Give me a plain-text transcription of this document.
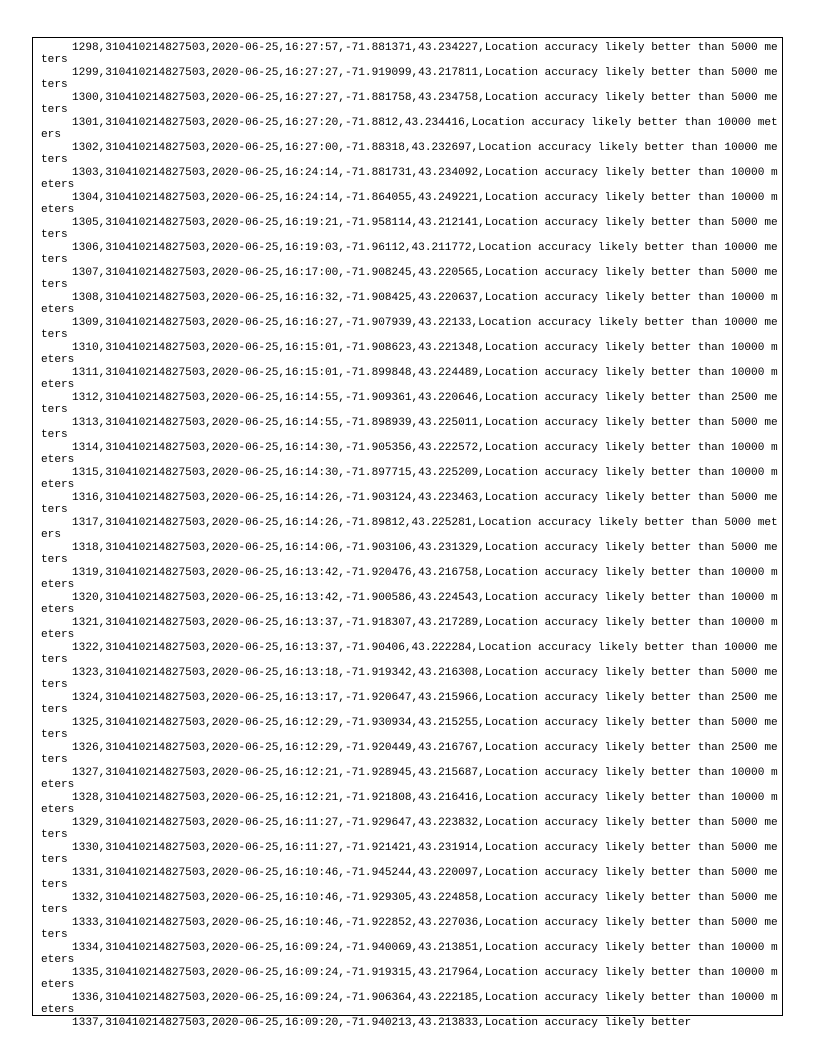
1298,310410214827503,2020-06-25,16:27:57,-71.881371,43.234227,Location accuracy likely better than 5000 meters
1299,310410214827503,2020-06-25,16:27:27,-71.919099,43.217811,Location accuracy likely better than 5000 meters
1300,310410214827503,2020-06-25,16:27:27,-71.881758,43.234758,Location accuracy likely better than 5000 meters
1301,310410214827503,2020-06-25,16:27:20,-71.8812,43.234416,Location accuracy likely better than 10000 meters
1302,310410214827503,2020-06-25,16:27:00,-71.88318,43.232697,Location accuracy likely better than 10000 meters
1303,310410214827503,2020-06-25,16:24:14,-71.881731,43.234092,Location accuracy likely better than 10000 meters
1304,310410214827503,2020-06-25,16:24:14,-71.864055,43.249221,Location accuracy likely better than 10000 meters
1305,310410214827503,2020-06-25,16:19:21,-71.958114,43.212141,Location accuracy likely better than 5000 meters
1306,310410214827503,2020-06-25,16:19:03,-71.96112,43.211772,Location accuracy likely better than 10000 meters
1307,310410214827503,2020-06-25,16:17:00,-71.908245,43.220565,Location accuracy likely better than 5000 meters
1308,310410214827503,2020-06-25,16:16:32,-71.908425,43.220637,Location accuracy likely better than 10000 meters
1309,310410214827503,2020-06-25,16:16:27,-71.907939,43.22133,Location accuracy likely better than 10000 meters
1310,310410214827503,2020-06-25,16:15:01,-71.908623,43.221348,Location accuracy likely better than 10000 meters
1311,310410214827503,2020-06-25,16:15:01,-71.899848,43.224489,Location accuracy likely better than 10000 meters
1312,310410214827503,2020-06-25,16:14:55,-71.909361,43.220646,Location accuracy likely better than 2500 meters
1313,310410214827503,2020-06-25,16:14:55,-71.898939,43.225011,Location accuracy likely better than 5000 meters
1314,310410214827503,2020-06-25,16:14:30,-71.905356,43.222572,Location accuracy likely better than 10000 meters
1315,310410214827503,2020-06-25,16:14:30,-71.897715,43.225209,Location accuracy likely better than 10000 meters
1316,310410214827503,2020-06-25,16:14:26,-71.903124,43.223463,Location accuracy likely better than 5000 meters
1317,310410214827503,2020-06-25,16:14:26,-71.89812,43.225281,Location accuracy likely better than 5000 meters
1318,310410214827503,2020-06-25,16:14:06,-71.903106,43.231329,Location accuracy likely better than 5000 meters
1319,310410214827503,2020-06-25,16:13:42,-71.920476,43.216758,Location accuracy likely better than 10000 meters
1320,310410214827503,2020-06-25,16:13:42,-71.900586,43.224543,Location accuracy likely better than 10000 meters
1321,310410214827503,2020-06-25,16:13:37,-71.918307,43.217289,Location accuracy likely better than 10000 meters
1322,310410214827503,2020-06-25,16:13:37,-71.90406,43.222284,Location accuracy likely better than 10000 meters
1323,310410214827503,2020-06-25,16:13:18,-71.919342,43.216308,Location accuracy likely better than 5000 meters
1324,310410214827503,2020-06-25,16:13:17,-71.920647,43.215966,Location accuracy likely better than 2500 meters
1325,310410214827503,2020-06-25,16:12:29,-71.930934,43.215255,Location accuracy likely better than 5000 meters
1326,310410214827503,2020-06-25,16:12:29,-71.920449,43.216767,Location accuracy likely better than 2500 meters
1327,310410214827503,2020-06-25,16:12:21,-71.928945,43.215687,Location accuracy likely better than 10000 meters
1328,310410214827503,2020-06-25,16:12:21,-71.921808,43.216416,Location accuracy likely better than 10000 meters
1329,310410214827503,2020-06-25,16:11:27,-71.929647,43.223832,Location accuracy likely better than 5000 meters
1330,310410214827503,2020-06-25,16:11:27,-71.921421,43.231914,Location accuracy likely better than 5000 meters
1331,310410214827503,2020-06-25,16:10:46,-71.945244,43.220097,Location accuracy likely better than 5000 meters
1332,310410214827503,2020-06-25,16:10:46,-71.929305,43.224858,Location accuracy likely better than 5000 meters
1333,310410214827503,2020-06-25,16:10:46,-71.922852,43.227036,Location accuracy likely better than 5000 meters
1334,310410214827503,2020-06-25,16:09:24,-71.940069,43.213851,Location accuracy likely better than 10000 meters
1335,310410214827503,2020-06-25,16:09:24,-71.919315,43.217964,Location accuracy likely better than 10000 meters
1336,310410214827503,2020-06-25,16:09:24,-71.906364,43.222185,Location accuracy likely better than 10000 meters
1337,310410214827503,2020-06-25,16:09:20,-71.940213,43.213833,Location accuracy likely better
